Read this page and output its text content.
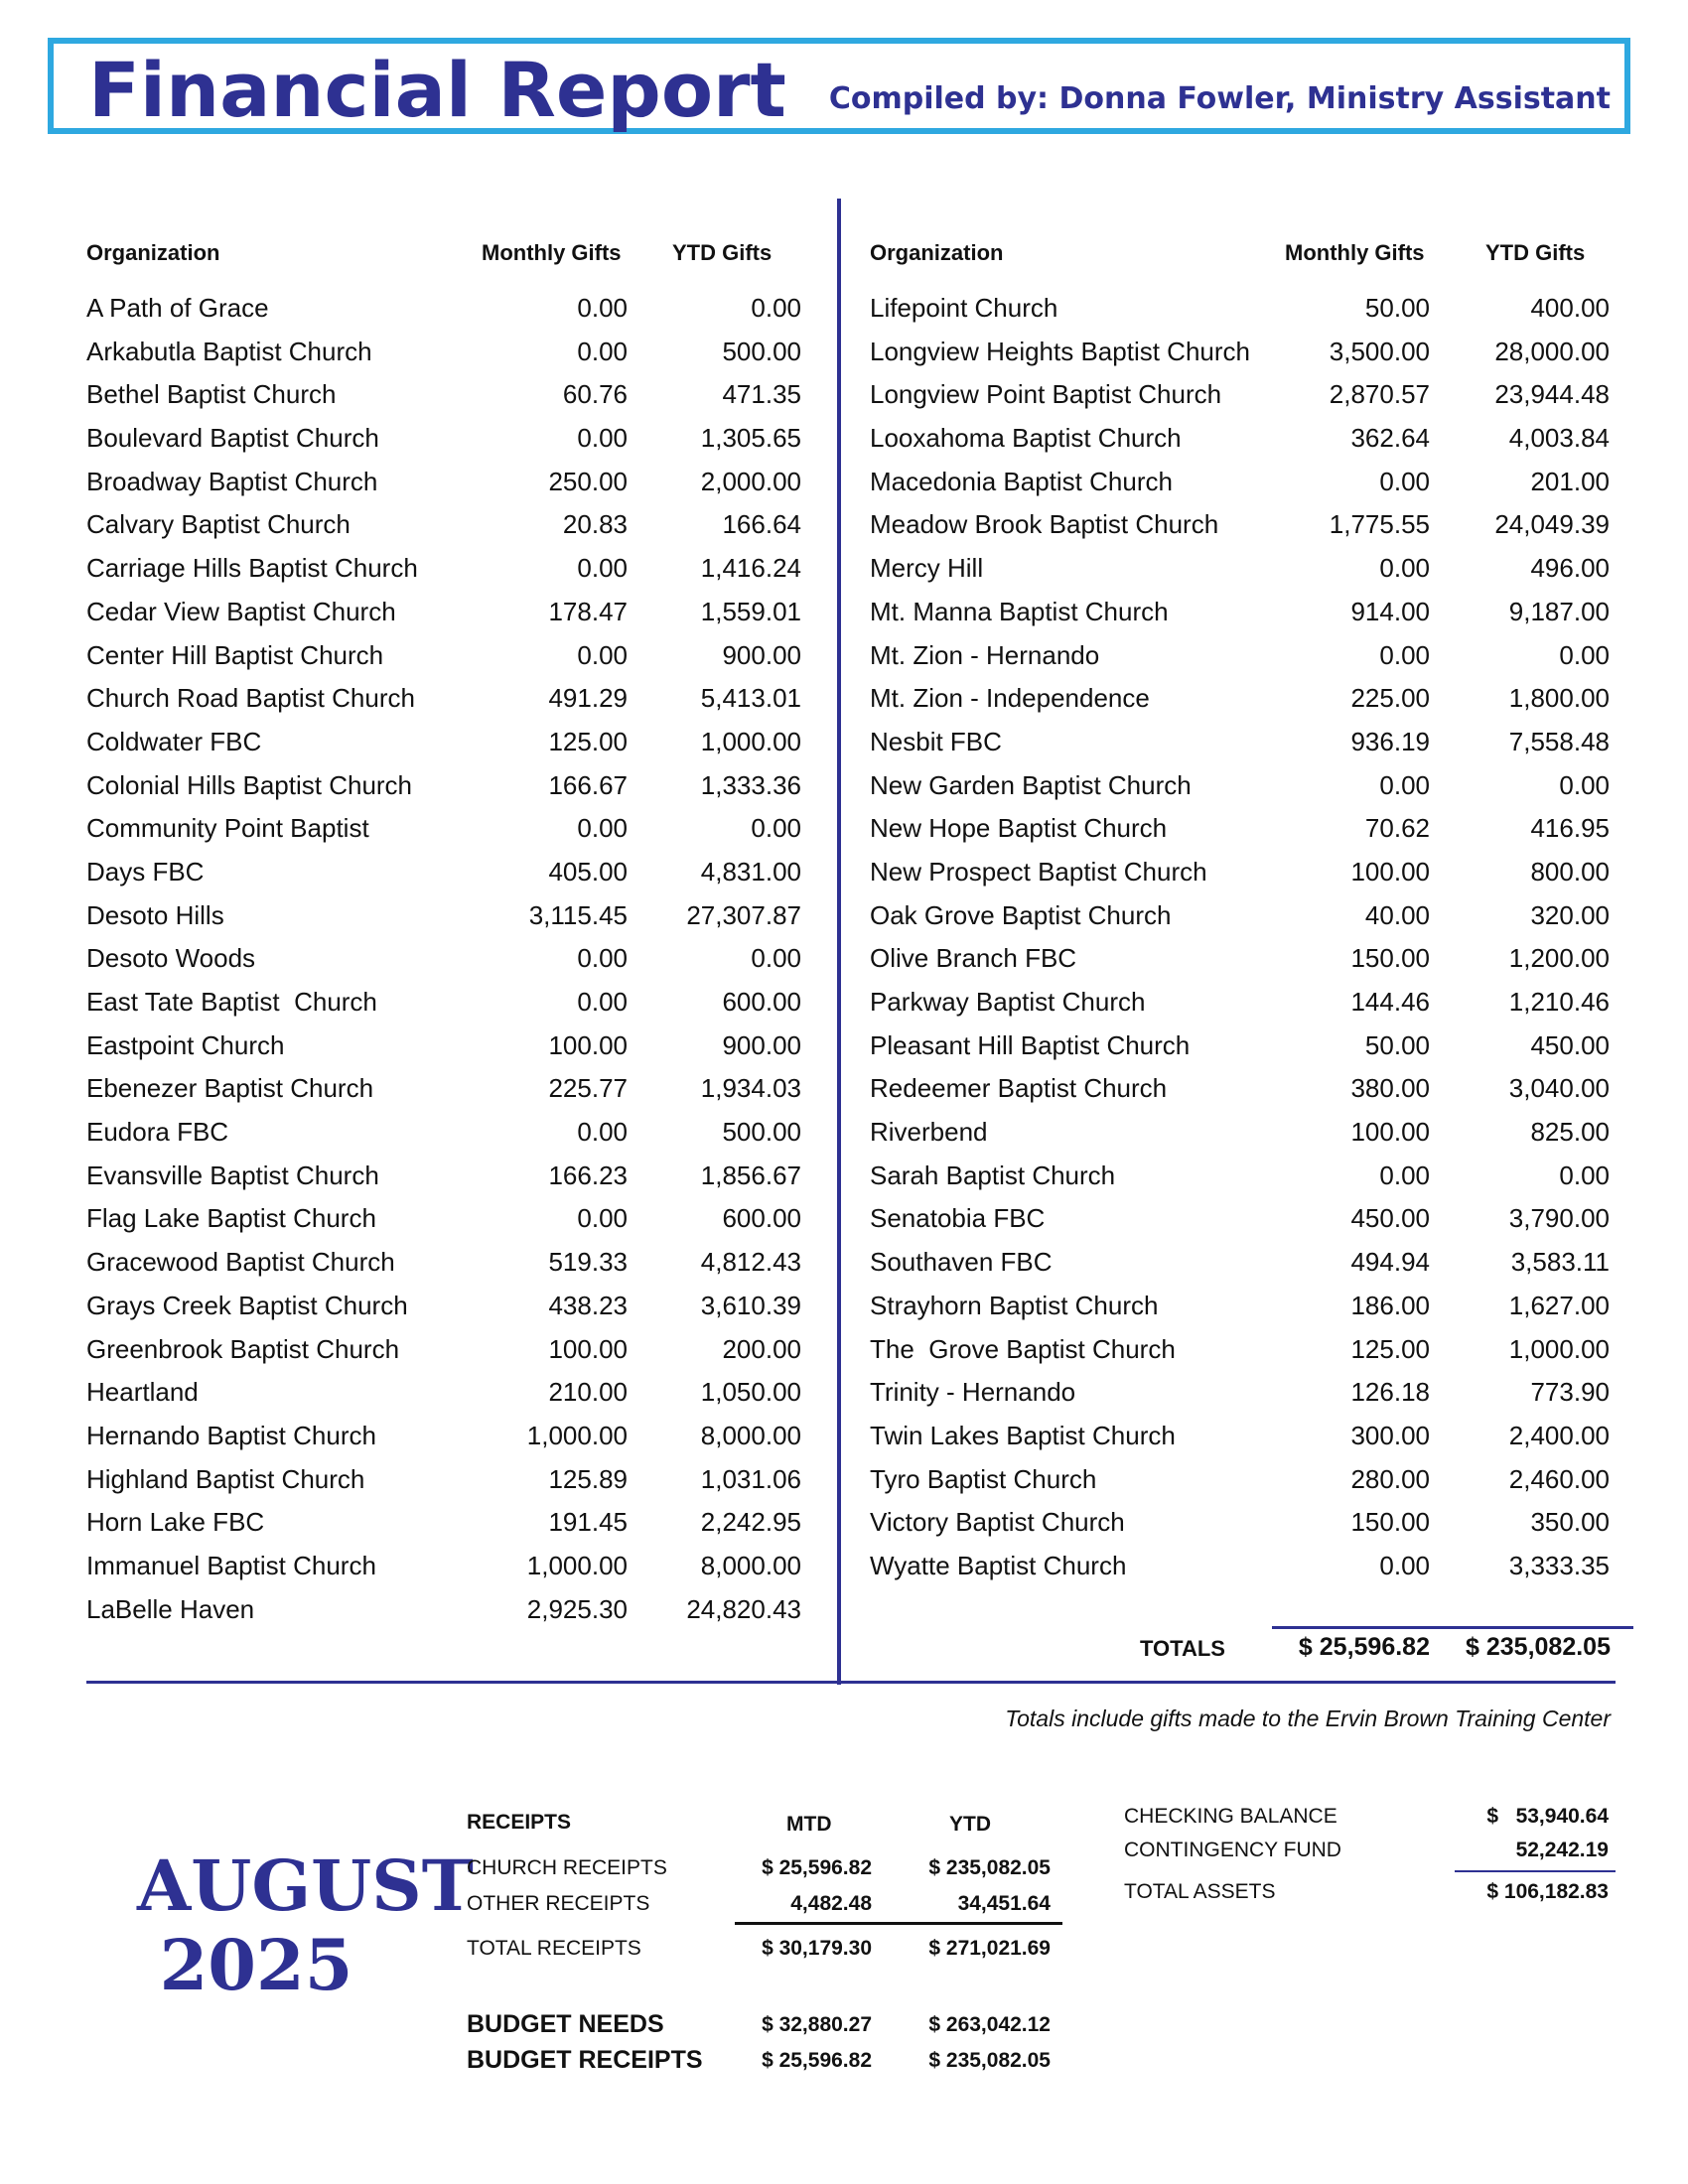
Financial Report Compiled by: Donna Fowler, Ministry Assistant
Organization	Monthly Gifts YTD Gifts	Organization	Monthly Gifts	YTD Gifts
A Path of Grace	0.00	0.00
Arkabutla Baptist Church	0.00	500.00
Bethel Baptist Church	60.76	471.35
Boulevard Baptist Church	0.00	1,305.65
Broadway Baptist Church	250.00	2,000.00
Calvary Baptist Church	20.83	166.64
Carriage Hills Baptist Church	0.00	1,416.24
Cedar View Baptist Church	178.47	1,559.01
Center Hill Baptist Church	0.00	900.00
Church Road Baptist Church	491.29	5,413.01
Coldwater FBC	125.00	1,000.00
Colonial Hills Baptist Church	166.67	1,333.36
Community Point Baptist	0.00	0.00
Days FBC	405.00	4,831.00
Desoto Hills	3,115.45 27,307.87
Desoto Woods	0.00	0.00
East Tate Baptist  Church	0.00	600.00
Eastpoint Church	100.00	900.00
Ebenezer Baptist Church	225.77	1,934.03
Eudora FBC	0.00	500.00
Evansville Baptist Church	166.23	1,856.67
Flag Lake Baptist Church	0.00	600.00
Gracewood Baptist Church	519.33	4,812.43
Grays Creek Baptist Church	438.23	3,610.39
Greenbrook Baptist Church	100.00	200.00
Heartland	210.00	1,050.00
Hernando Baptist Church	1,000.00	8,000.00
Highland Baptist Church	125.89	1,031.06
Horn Lake FBC	191.45	2,242.95
Immanuel Baptist Church	1,000.00	8,000.00
LaBelle Haven	2,925.30 24,820.43
Lifepoint Church	50.00	400.00
Longview Heights Baptist Church	3,500.00	28,000.00
Longview Point Baptist Church	2,870.57	23,944.48
Looxahoma Baptist Church	362.64	4,003.84
Macedonia Baptist Church	0.00	201.00
Meadow Brook Baptist Church	1,775.55	24,049.39
Mercy Hill	0.00	496.00
Mt. Manna Baptist Church	914.00	9,187.00
Mt. Zion - Hernando	0.00	0.00
Mt. Zion - Independence	225.00	1,800.00
Nesbit FBC	936.19	7,558.48
New Garden Baptist Church	0.00	0.00
New Hope Baptist Church	70.62	416.95
New Prospect Baptist Church	100.00	800.00
Oak Grove Baptist Church	40.00	320.00
Olive Branch FBC	150.00	1,200.00
Parkway Baptist Church	144.46	1,210.46
Pleasant Hill Baptist Church	50.00	450.00
Redeemer Baptist Church	380.00	3,040.00
Riverbend	100.00	825.00
Sarah Baptist Church	0.00	0.00
Senatobia FBC	450.00	3,790.00
Southaven FBC	494.94	3,583.11
Strayhorn Baptist Church	186.00	1,627.00
The  Grove Baptist Church	125.00	1,000.00
Trinity - Hernando	126.18	773.90
Twin Lakes Baptist Church	300.00	2,400.00
Tyro Baptist Church	280.00	2,460.00
Victory Baptist Church	150.00	350.00
Wyatte Baptist Church	0.00	3,333.35
TOTALS	$ 25,596.82 $ 235,082.05
Totals include gifts made to the Ervin Brown Training Center
AUGUST
2025
RECEIPTS	MTD	YTD
CHURCH RECEIPTS	$ 25,596.82	$ 235,082.05
OTHER RECEIPTS	4,482.48	34,451.64
TOTAL RECEIPTS	$ 30,179.30	$ 271,021.69
BUDGET NEEDS	$ 32,880.27	$ 263,042.12
BUDGET RECEIPTS	$ 25,596.82	$ 235,082.05
CHECKING BALANCE	$   53,940.64
CONTINGENCY FUND	52,242.19
TOTAL ASSETS	$ 106,182.83
